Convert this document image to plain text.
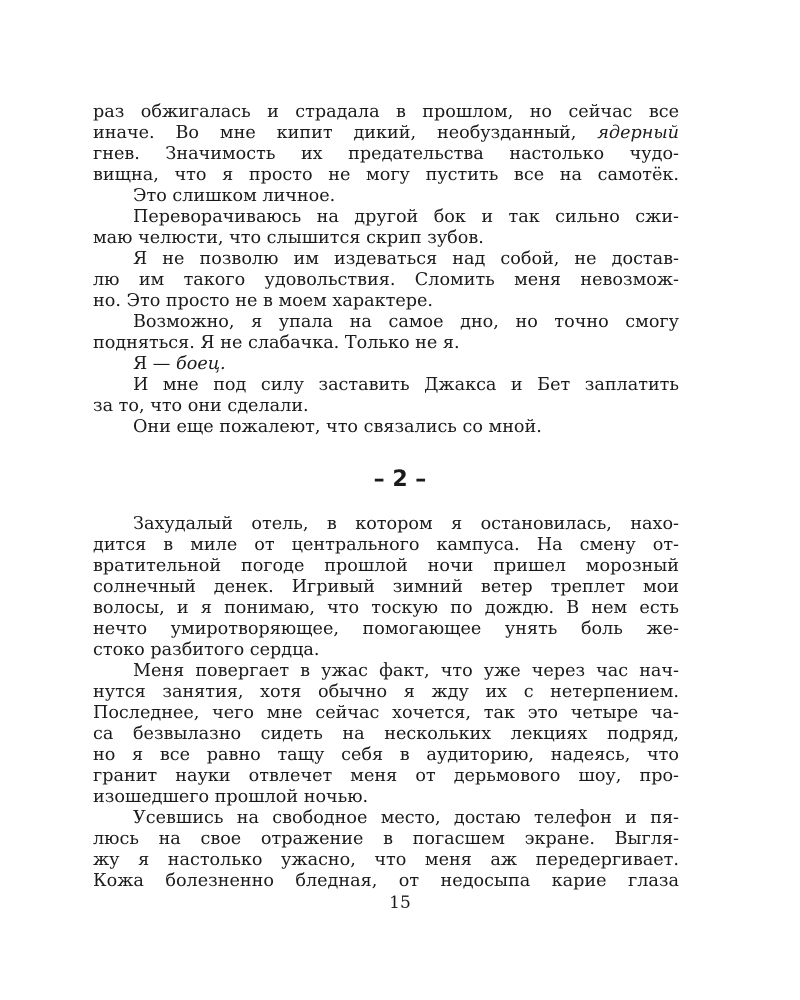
раз обжигалась и страдала в прошлом, но сейчас все
иначе. Во мне кипит дикий, необузданный, ядерный
гнев. Значимость их предательства настолько чудо-
вищна, что я просто не могу пустить все на самотёк.
Это слишком личное.
Переворачиваюсь на другой бок и так сильно сжи-
маю челюсти, что слышится скрип зубов.
Я не позволю им издеваться над собой, не достав-
лю им такого удовольствия. Сломить меня невозмож-
но. Это просто не в моем характере.
Возможно, я упала на самое дно, но точно смогу
подняться. Я не слабачка. Только не я.
Я — боец.
И мне под силу заставить Джакса и Бет заплатить
за то, что они сделали.
Они еще пожалеют, что связались со мной.
– 2 –
Захудалый отель, в котором я остановилась, нахо-
дится в миле от центрального кампуса. На смену от-
вратительной погоде прошлой ночи пришел морозный
солнечный денек. Игривый зимний ветер треплет мои
волосы, и я понимаю, что тоскую по дождю. В нем есть
нечто умиротворяющее, помогающее унять боль же-
стоко разбитого сердца.
Меня повергает в ужас факт, что уже через час нач-
нутся занятия, хотя обычно я жду их с нетерпением.
Последнее, чего мне сейчас хочется, так это четыре ча-
са безвылазно сидеть на нескольких лекциях подряд,
но я все равно тащу себя в аудиторию, надеясь, что
гранит науки отвлечет меня от дерьмового шоу, про-
изошедшего прошлой ночью.
Усевшись на свободное место, достаю телефон и пя-
люсь на свое отражение в погасшем экране. Выгля-
жу я настолько ужасно, что меня аж передергивает.
Кожа болезненно бледная, от недосыпа карие глаза
15
